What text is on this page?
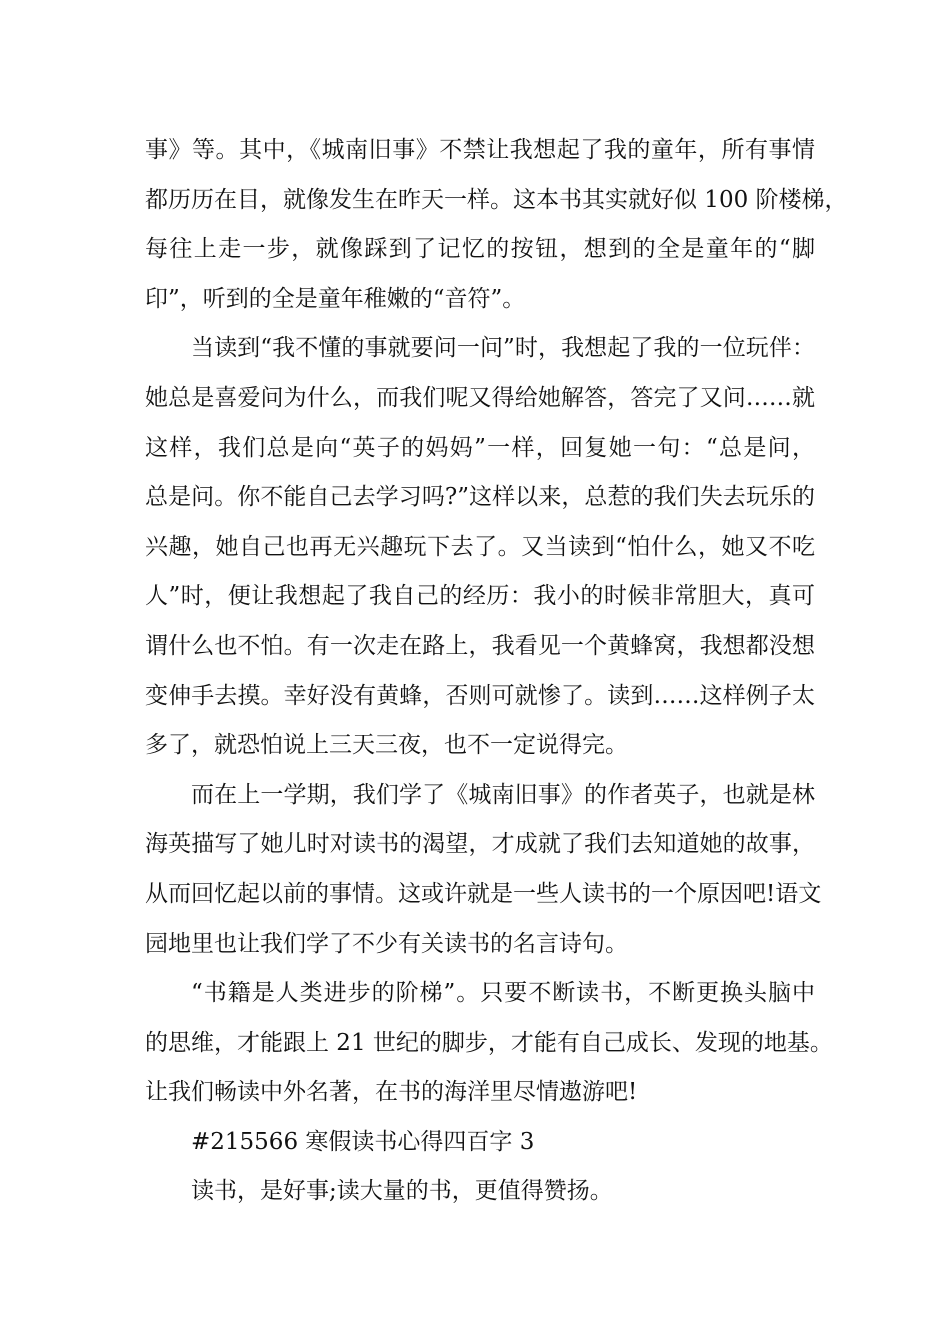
事》等。其中，《城南旧事》不禁让我想起了我的童年，所有事情
都历历在目，就像发生在昨天一样。这本书其实就好似 100 阶楼梯，
每往上走一步，就像踩到了记忆的按钮，想到的全是童年的“脚
印”，听到的全是童年稚嫩的“音符”。
当读到“我不懂的事就要问一问”时，我想起了我的一位玩伴：
她总是喜爱问为什么，而我们呢又得给她解答，答完了又问……就
这样，我们总是向“英子的妈妈”一样，回复她一句：“总是问，
总是问。你不能自己去学习吗?”这样以来，总惹的我们失去玩乐的
兴趣，她自己也再无兴趣玩下去了。又当读到“怕什么，她又不吃
人”时，便让我想起了我自己的经历：我小的时候非常胆大，真可
谓什么也不怕。有一次走在路上，我看见一个黄蜂窝，我想都没想
变伸手去摸。幸好没有黄蜂，否则可就惨了。读到……这样例子太
多了，就恐怕说上三天三夜，也不一定说得完。
而在上一学期，我们学了《城南旧事》的作者英子，也就是林
海英描写了她儿时对读书的渴望，才成就了我们去知道她的故事，
从而回忆起以前的事情。这或许就是一些人读书的一个原因吧!语文
园地里也让我们学了不少有关读书的名言诗句。
“书籍是人类进步的阶梯”。只要不断读书，不断更换头脑中
的思维，才能跟上 21 世纪的脚步，才能有自己成长、发现的地基。
让我们畅读中外名著，在书的海洋里尽情遨游吧!
#215566 寒假读书心得四百字 3
读书，是好事;读大量的书，更值得赞扬。
